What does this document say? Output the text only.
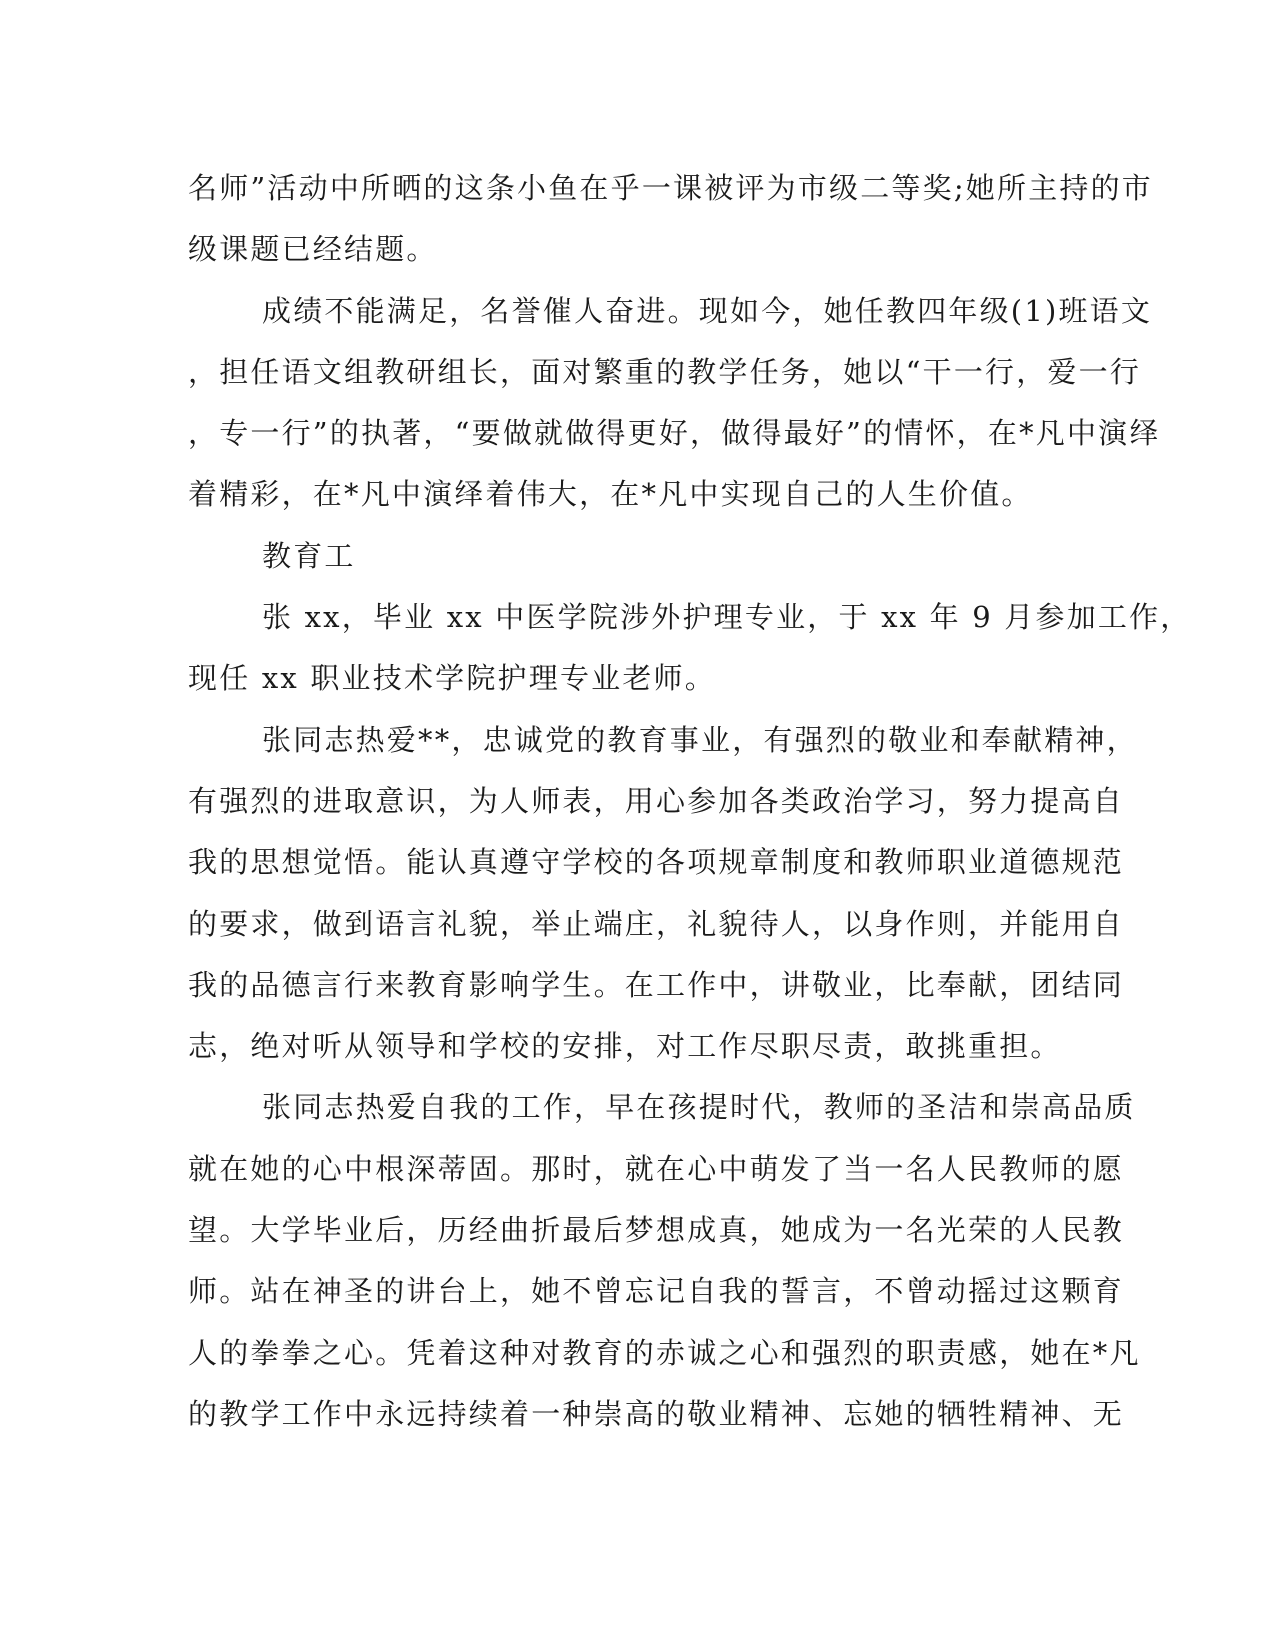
名师”活动中所晒的这条小鱼在乎一课被评为市级二等奖;她所主持的市
级课题已经结题。
成绩不能满足，名誉催人奋进。现如今，她任教四年级(1)班语文
，担任语文组教研组长，面对繁重的教学任务，她以“干一行，爱一行
，专一行”的执著，“要做就做得更好，做得最好”的情怀，在*凡中演绎
着精彩，在*凡中演绎着伟大，在*凡中实现自己的人生价值。
教育工
张 xx，毕业 xx 中医学院涉外护理专业，于 xx 年 9 月参加工作，
现任 xx 职业技术学院护理专业老师。
张同志热爱**，忠诚党的教育事业，有强烈的敬业和奉献精神，
有强烈的进取意识，为人师表，用心参加各类政治学习，努力提高自
我的思想觉悟。能认真遵守学校的各项规章制度和教师职业道德规范
的要求，做到语言礼貌，举止端庄，礼貌待人，以身作则，并能用自
我的品德言行来教育影响学生。在工作中，讲敬业，比奉献，团结同
志，绝对听从领导和学校的安排，对工作尽职尽责，敢挑重担。
张同志热爱自我的工作，早在孩提时代，教师的圣洁和崇高品质
就在她的心中根深蒂固。那时，就在心中萌发了当一名人民教师的愿
望。大学毕业后，历经曲折最后梦想成真，她成为一名光荣的人民教
师。站在神圣的讲台上，她不曾忘记自我的誓言，不曾动摇过这颗育
人的拳拳之心。凭着这种对教育的赤诚之心和强烈的职责感，她在*凡
的教学工作中永远持续着一种崇高的敬业精神、忘她的牺牲精神、无
